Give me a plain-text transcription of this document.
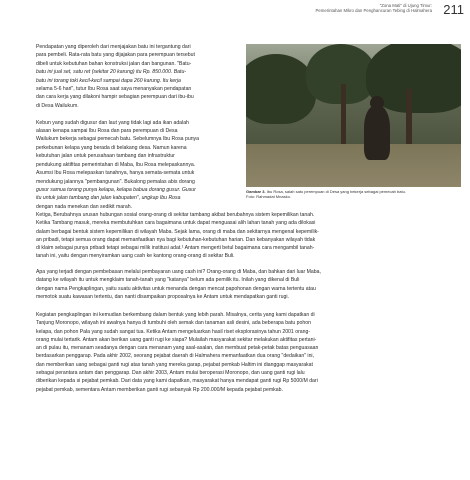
"Zona Mati" di Ujung Timur:
Pemerintahan Mikro dan Penghancuran Tebing di Halmahera 211
Pendapatan yang diperoleh dari menjajakan batu ini tergantung dari
para pembeli. Rata-rata batu yang dijajakan para perempuan tersebut
dibeli untuk kebutuhan bahan konstruksi jalan dan bangunan. "Batu-
batu ini jual set, satu ret (sekitar 20 karung) itu Rp. 850.000. Batu-
batu ini torang toki kecil-kecil sampai dapa 260 karung. Itu kerja
selama 5-6 hari", tutur Ibu Rosa saat saya menanyakan pendapatan
dan cara kerja yang dilakoni hampir sebagian perempuan dari ibu-ibu
di Desa Wailukum.

Kebun yang sudah digusur dan laut yang tidak lagi ada ikan adalah
alasan kenapa sampai Ibu Rosa dan para perempuan di Desa
Wailukum bekerja sebagai pemecah batu. Sebelumnya Ibu Rosa punya
perkebunan kelapa yang berada di belakang desa. Namun karena
kebutuhan jalan untuk perusahaan tambang dan infrastruktur
pendukung aktifitas pemerintahan di Maba, Ibu Rosa melepaskannya.
Asumsi Ibu Rosa melepaskan tanahnya, hanya semata-semata untuk
mendukung jalannya "pembangunan". Bukalong pemalas abis dorang
gusur samua torang punya kelapa, kelapa babua dorang gusur. Gusur
itu untuk jalan tambang dan jalan kabupaten", ungkap Ibu Rosa
dengan nada menekan dan sedikit marah.
Gambar 3. Ibu Rosa, salah satu perempuan di Desa yang bekerja sebagai pemecah batu.
Foto: Rahmadat Mnasko.
Ketiga, Berubahnya urusan hubungan sosial orang-orang di sekitar tambang akibat berubahnya sistem kepemilikan tanah.
Ketika Tambang masuk, mereka membutuhkan cara bagaimana untuk dapat menguasai alih lahan tanah yang ada dilokasi
dalam berbagai bentuk sistem kepemilikan di wilayah Maba. Sejak lama, orang di maba dan sekitarnya mengenal kepemilik-
an pribadi, tetapi semua orang dapat memanfaatkan nya bagi kebutuhan-kebutuhan harian. Dan kebanyakan wilayah tidak
di klaim sebagai punya pribadi tetapi sebagai milik institusi adat.¹ Antam mengerti betul bagaimana cara mengambil tanah-
tanah ini, yaitu dengan menyiramkan uang cash ke kantong orang-orang di sekitar Buli.
Apa yang terjadi dengan pembebasan melalui pembayaran uang cash ini? Orang-orang di Maba, dan bahkan dari luar Maba,
datang ke wilayah itu untuk mengklaim tanah-tanah yang "katanya" belum ada pemilik itu. Inilah yang dikenal di Buli
dengan nama Pengkaplingan, yaitu suatu aktivitas untuk menanda dengan mencat papohonan dengan warna tertentu atau
memotok suatu kawasan tertentu, dan nanti disampaikan proposalnya ke Antam untuk mendapatkan ganti rugi.
Kegiatan pengkaplingan ini kemudian berkembang dalam bentuk yang lebih parah. Misalnya, cerita yang kami dapatkan di
Tanjung Moronopo, wilayah ini awalnya hanya di tumbuhi oleh semak dan tanaman asli desini, ada beberapa batu pohon
kelapa, dan pohon Pala yang sudah sangat tua. Ketika Antam mengeluarkan hasil riset eksplorasinya tahun 2001 orang-
orang mulai tertarik. Antam akan berikan uang ganti rugi ke siapa? Mulailah masyarakat sekitar melakukan aktifitas pertani-
an di pulau itu, menanam seadanya dengan cara menanam yang asal-asalan, dan membuat petak-petak batas penguasaan
berdasarkan penggarap. Pada akhir 2002, seorang pejabat daerah di Halmahera memanfaatkan dua orang "dedaikan" ini,
dan memberikan uang sebagai ganti rugi atas tanah yang mereka garap, pejabat pemkab Haltim ini dianggap masyarakat
sebagai perantara antam dan penggarap. Dan akhir 2003, Antam mulai beroperasi Moronopo, dan uang ganti rugi lalu
diberikan kepada si pejabat pemkab. Dari data yang kami dapatkan, masyarakat hanya mendapat ganti rugi Rp 5000/M dari
pejabat pemkab, sementara Antam memberikan ganti rugi sebanyak Rp 200.000/M kepada pejabat pemkab.
